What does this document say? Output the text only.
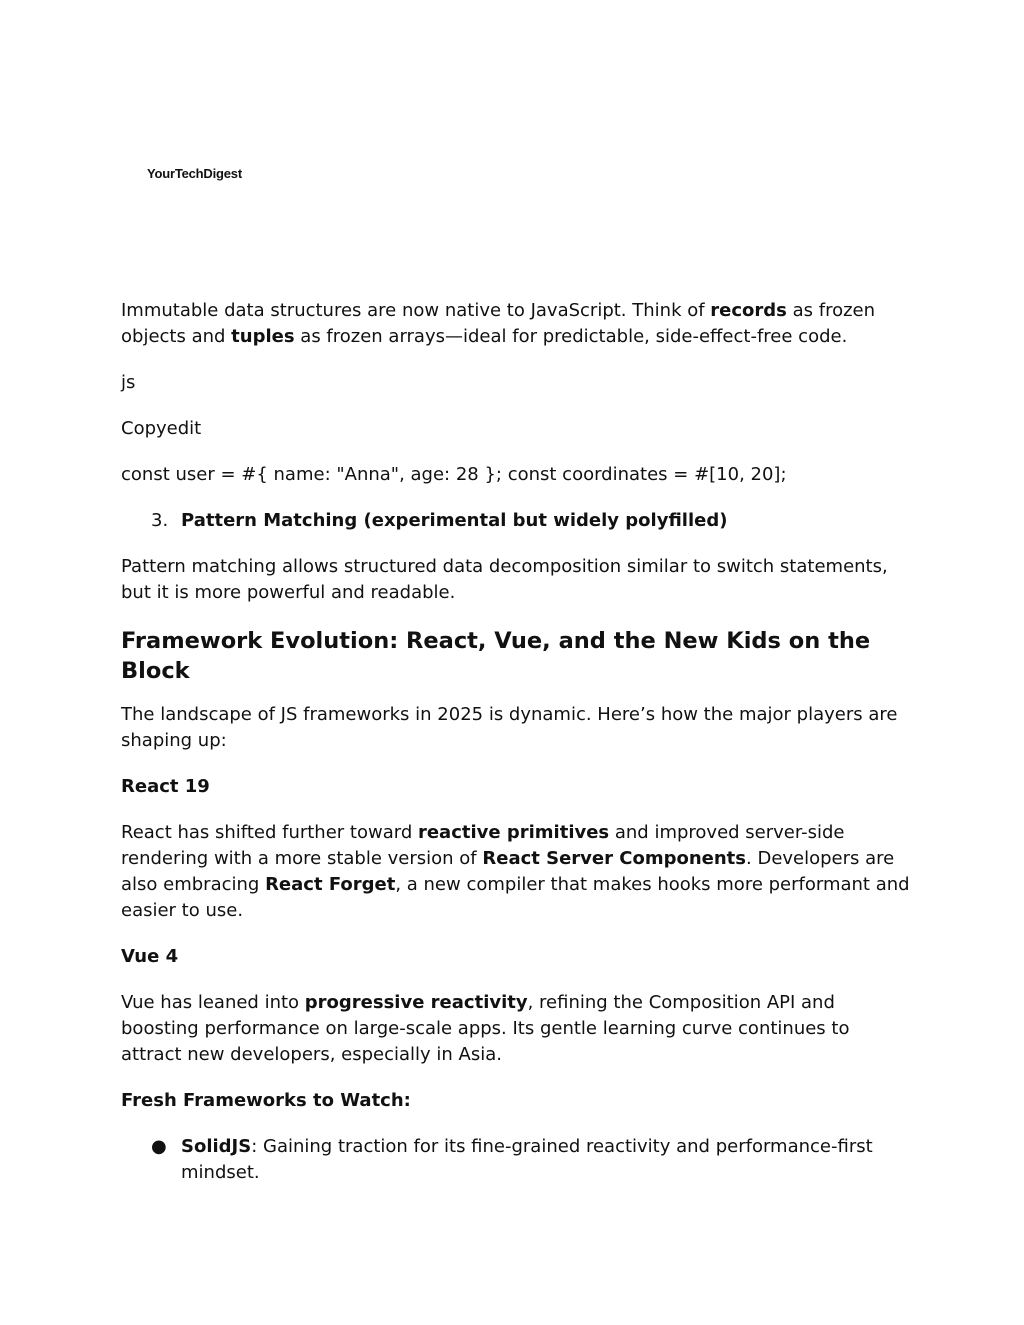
YourTechDigest

Immutable data structures are now native to JavaScript. Think of records as frozen objects and tuples as frozen arrays—ideal for predictable, side-effect-free code.

js

Copyedit

const user = #{ name: "Anna", age: 28 }; const coordinates = #[10, 20];

3. Pattern Matching (experimental but widely polyfilled)

Pattern matching allows structured data decomposition similar to switch statements, but it is more powerful and readable.

Framework Evolution: React, Vue, and the New Kids on the Block

The landscape of JS frameworks in 2025 is dynamic. Here’s how the major players are shaping up:

React 19

React has shifted further toward reactive primitives and improved server-side rendering with a more stable version of React Server Components. Developers are also embracing React Forget, a new compiler that makes hooks more performant and easier to use.

Vue 4

Vue has leaned into progressive reactivity, refining the Composition API and boosting performance on large-scale apps. Its gentle learning curve continues to attract new developers, especially in Asia.

Fresh Frameworks to Watch:
● SolidJS: Gaining traction for its fine-grained reactivity and performance-first mindset.
